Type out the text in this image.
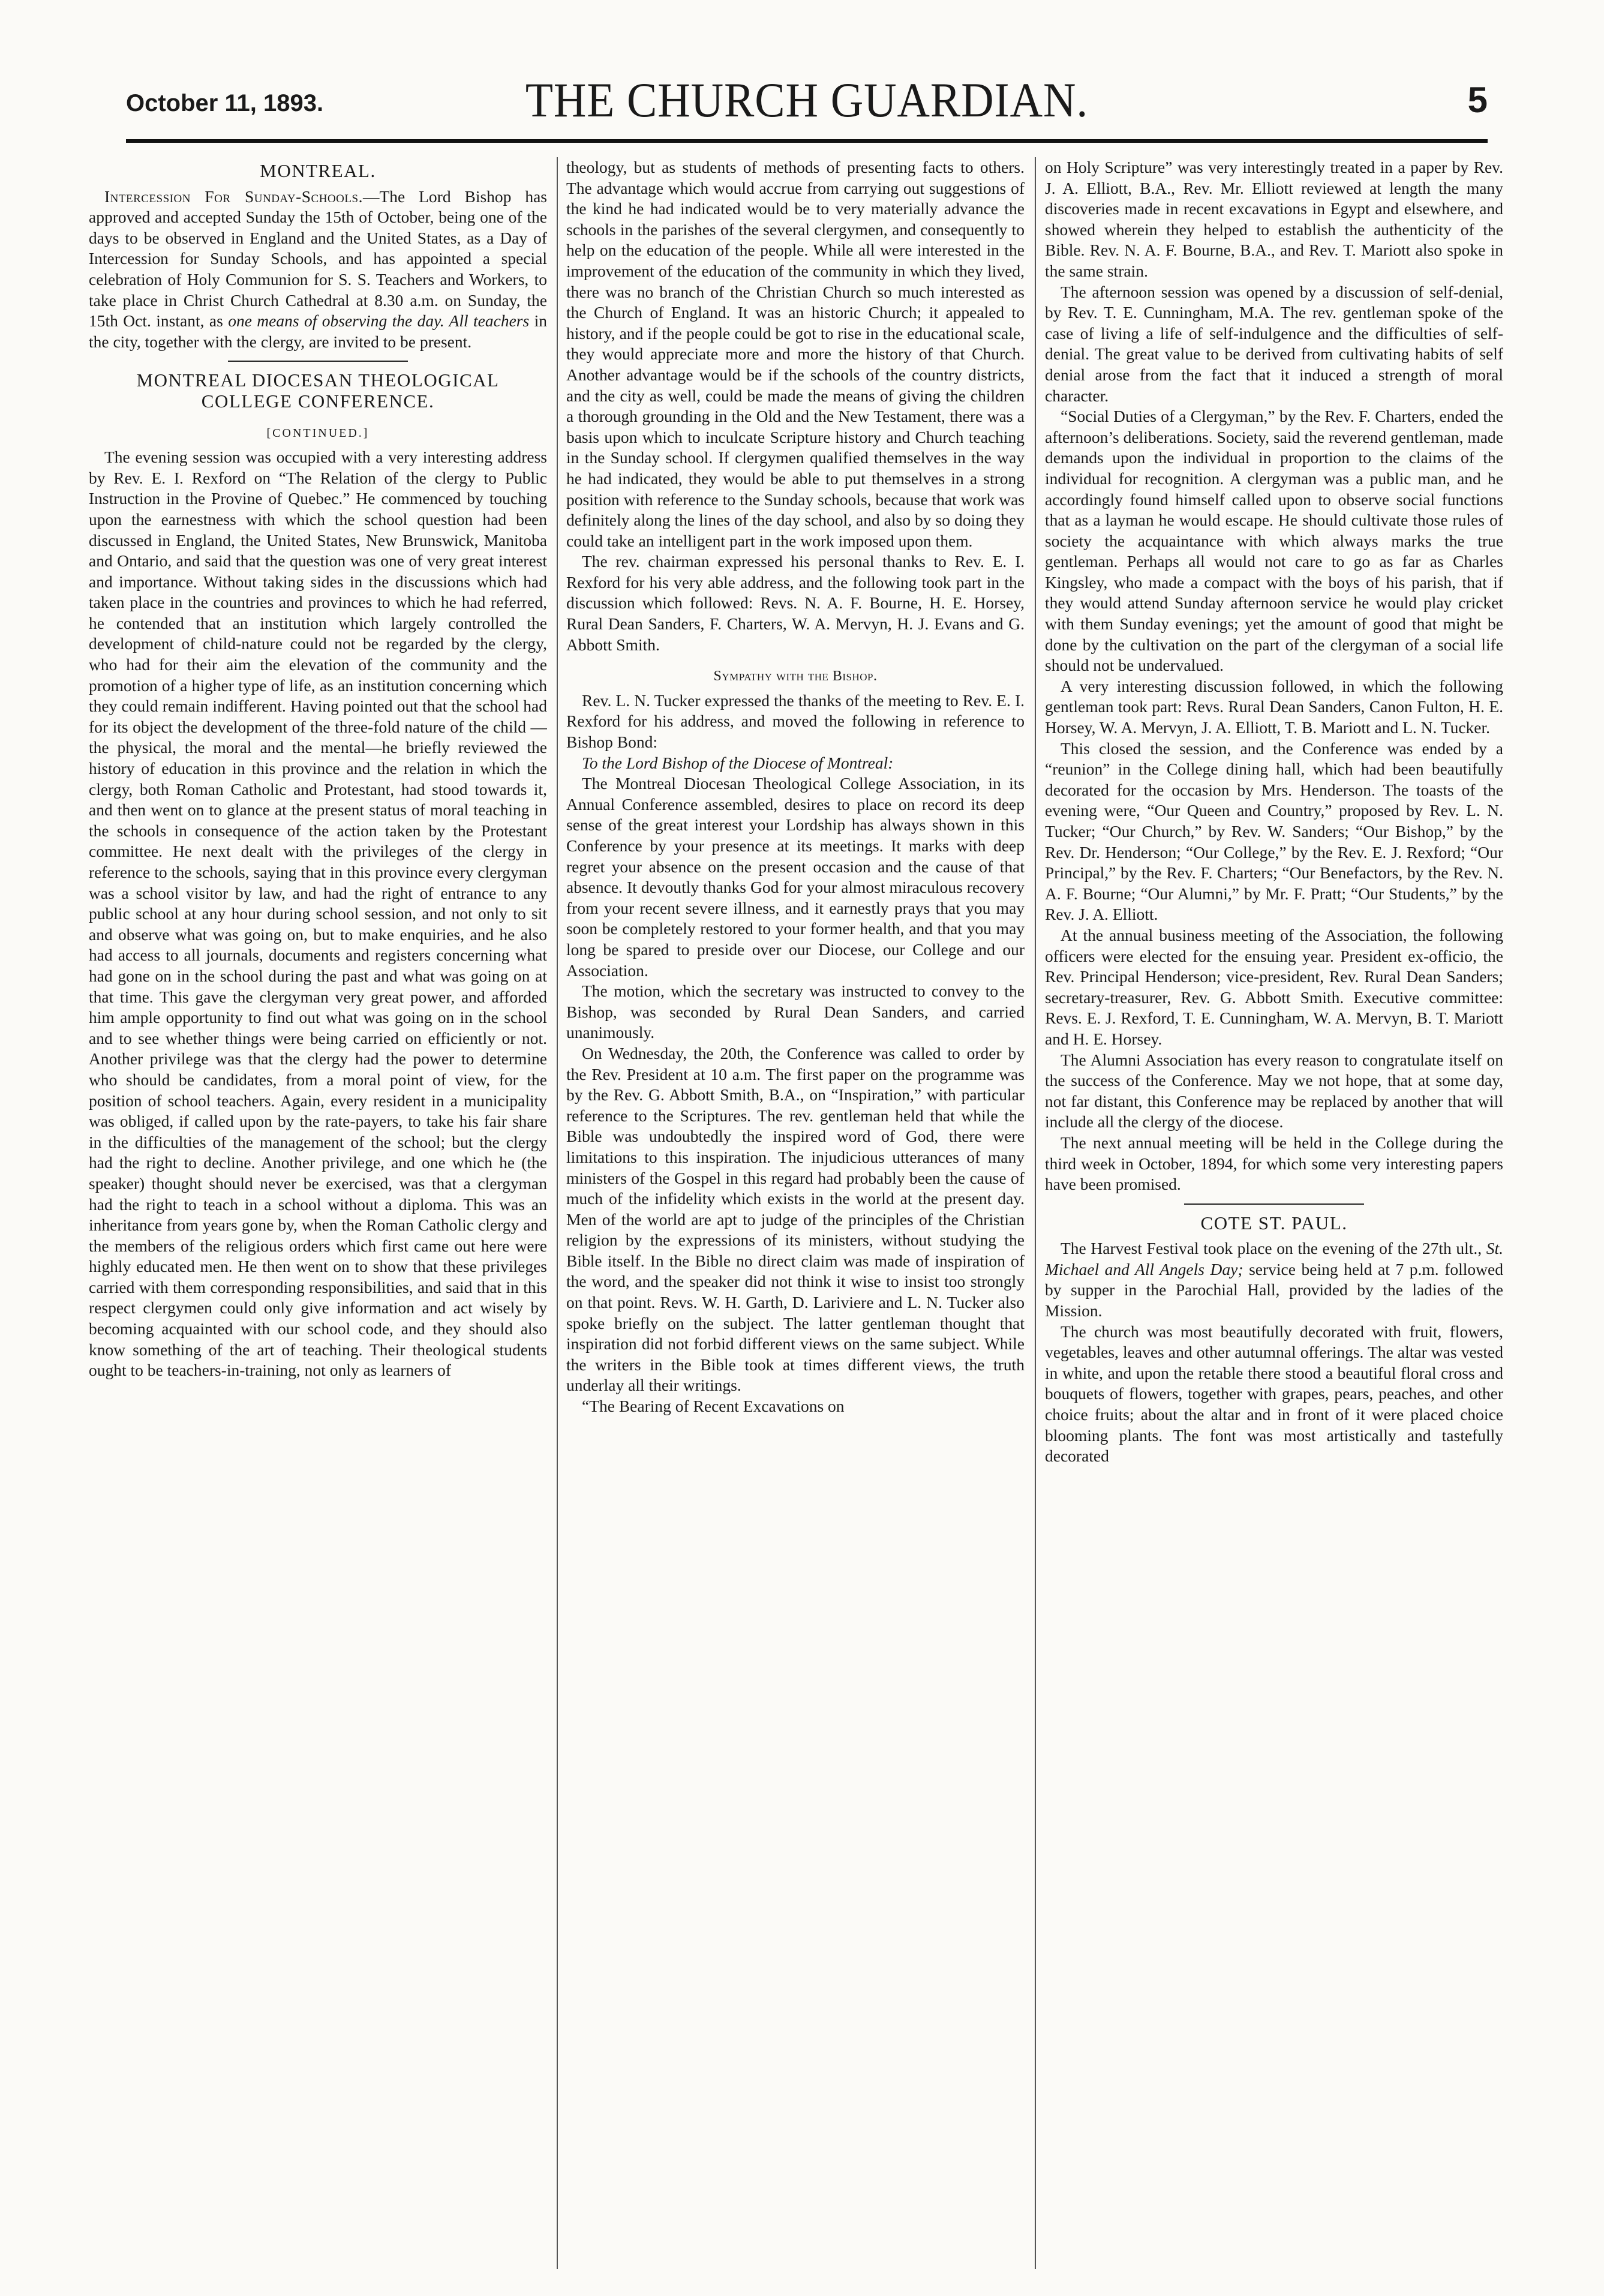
October 11, 1893.	THE CHURCH GUARDIAN.	5
MONTREAL.

Intercession For Sunday-Schools.—The Lord Bishop has approved and accepted Sunday the 15th of October, being one of the days to be observed in England and the United States, as a Day of Intercession for Sunday Schools, and has appointed a special celebration of Holy Communion for S. S. Teachers and Workers, to take place in Christ Church Cathedral at 8.30 a.m. on Sunday, the 15th Oct. instant, as one means of observing the day. All teachers in the city, together with the clergy, are invited to be present.

MONTREAL DIOCESAN THEOLOGICAL COLLEGE CONFERENCE.
[CONTINUED.]

The evening session was occupied with a very interesting address by Rev. E. I. Rexford on “The Relation of the clergy to Public Instruction in the Provine of Quebec.” He commenced by touching upon the earnestness with which the school question had been discussed in England, the United States, New Brunswick, Manitoba and Ontario, and said that the question was one of very great interest and importance. Without taking sides in the discussions which had taken place in the countries and provinces to which he had referred, he contended that an institution which largely controlled the development of child-nature could not be regarded by the clergy, who had for their aim the elevation of the community and the promotion of a higher type of life, as an institution concerning which they could remain indifferent. Having pointed out that the school had for its object the development of the three-fold nature of the child —the physical, the moral and the mental—he briefly reviewed the history of education in this province and the relation in which the clergy, both Roman Catholic and Protestant, had stood towards it, and then went on to glance at the present status of moral teaching in the schools in consequence of the action taken by the Protestant committee. He next dealt with the privileges of the clergy in reference to the schools, saying that in this province every clergyman was a school visitor by law, and had the right of entrance to any public school at any hour during school session, and not only to sit and observe what was going on, but to make enquiries, and he also had access to all journals, documents and registers concerning what had gone on in the school during the past and what was going on at that time. This gave the clergyman very great power, and afforded him ample opportunity to find out what was going on in the school and to see whether things were being carried on efficiently or not. Another privilege was that the clergy had the power to determine who should be candidates, from a moral point of view, for the position of school teachers. Again, every resident in a municipality was obliged, if called upon by the rate-payers, to take his fair share in the difficulties of the management of the school; but the clergy had the right to decline. Another privilege, and one which he (the speaker) thought should never be exercised, was that a clergyman had the right to teach in a school without a diploma. This was an inheritance from years gone by, when the Roman Catholic clergy and the members of the religious orders which first came out here were highly educated men. He then went on to show that these privileges carried with them corresponding responsibilities, and said that in this respect clergymen could only give information and act wisely by becoming acquainted with our school code, and they should also know something of the art of teaching. Their theological students ought to be teachers-in-training, not only as learners of

theology, but as students of methods of presenting facts to others. The advantage which would accrue from carrying out suggestions of the kind he had indicated would be to very materially advance the schools in the parishes of the several clergymen, and consequently to help on the education of the people. While all were interested in the improvement of the education of the community in which they lived, there was no branch of the Christian Church so much interested as the Church of England. It was an historic Church; it appealed to history, and if the people could be got to rise in the educational scale, they would appreciate more and more the history of that Church. Another advantage would be if the schools of the country districts, and the city as well, could be made the means of giving the children a thorough grounding in the Old and the New Testament, there was a basis upon which to inculcate Scripture history and Church teaching in the Sunday school. If clergymen qualified themselves in the way he had indicated, they would be able to put themselves in a strong position with reference to the Sunday schools, because that work was definitely along the lines of the day school, and also by so doing they could take an intelligent part in the work imposed upon them.

The rev. chairman expressed his personal thanks to Rev. E. I. Rexford for his very able address, and the following took part in the discussion which followed: Revs. N. A. F. Bourne, H. E. Horsey, Rural Dean Sanders, F. Charters, W. A. Mervyn, H. J. Evans and G. Abbott Smith.

Sympathy with the Bishop.

Rev. L. N. Tucker expressed the thanks of the meeting to Rev. E. I. Rexford for his address, and moved the following in reference to Bishop Bond:

To the Lord Bishop of the Diocese of Montreal:

The Montreal Diocesan Theological College Association, in its Annual Conference assembled, desires to place on record its deep sense of the great interest your Lordship has always shown in this Conference by your presence at its meetings. It marks with deep regret your absence on the present occasion and the cause of that absence. It devoutly thanks God for your almost miraculous recovery from your recent severe illness, and it earnestly prays that you may soon be completely restored to your former health, and that you may long be spared to preside over our Diocese, our College and our Association.

The motion, which the secretary was instructed to convey to the Bishop, was seconded by Rural Dean Sanders, and carried unanimously.

On Wednesday, the 20th, the Conference was called to order by the Rev. President at 10 a.m. The first paper on the programme was by the Rev. G. Abbott Smith, B.A., on “Inspiration,” with particular reference to the Scriptures. The rev. gentleman held that while the Bible was undoubtedly the inspired word of God, there were limitations to this inspiration. The injudicious utterances of many ministers of the Gospel in this regard had probably been the cause of much of the infidelity which exists in the world at the present day. Men of the world are apt to judge of the principles of the Christian religion by the expressions of its ministers, without studying the Bible itself. In the Bible no direct claim was made of inspiration of the word, and the speaker did not think it wise to insist too strongly on that point. Revs. W. H. Garth, D. Lariviere and L. N. Tucker also spoke briefly on the subject. The latter gentleman thought that inspiration did not forbid different views on the same subject. While the writers in the Bible took at times different views, the truth underlay all their writings.

“The Bearing of Recent Excavations on

on Holy Scripture” was very interestingly treated in a paper by Rev. J. A. Elliott, B.A., Rev. Mr. Elliott reviewed at length the many discoveries made in recent excavations in Egypt and elsewhere, and showed wherein they helped to establish the authenticity of the Bible. Rev. N. A. F. Bourne, B.A., and Rev. T. Mariott also spoke in the same strain.

The afternoon session was opened by a discussion of self-denial, by Rev. T. E. Cunningham, M.A. The rev. gentleman spoke of the case of living a life of self-indulgence and the difficulties of self-denial. The great value to be derived from cultivating habits of self denial arose from the fact that it induced a strength of moral character.

“Social Duties of a Clergyman,” by the Rev. F. Charters, ended the afternoon’s deliberations. Society, said the reverend gentleman, made demands upon the individual in proportion to the claims of the individual for recognition. A clergyman was a public man, and he accordingly found himself called upon to observe social functions that as a layman he would escape. He should cultivate those rules of society the acquaintance with which always marks the true gentleman. Perhaps all would not care to go as far as Charles Kingsley, who made a compact with the boys of his parish, that if they would attend Sunday afternoon service he would play cricket with them Sunday evenings; yet the amount of good that might be done by the cultivation on the part of the clergyman of a social life should not be undervalued.

A very interesting discussion followed, in which the following gentleman took part: Revs. Rural Dean Sanders, Canon Fulton, H. E. Horsey, W. A. Mervyn, J. A. Elliott, T. B. Mariott and L. N. Tucker.

This closed the session, and the Conference was ended by a “reunion” in the College dining hall, which had been beautifully decorated for the occasion by Mrs. Henderson. The toasts of the evening were, “Our Queen and Country,” proposed by Rev. L. N. Tucker; “Our Church,” by Rev. W. Sanders; “Our Bishop,” by the Rev. Dr. Henderson; “Our College,” by the Rev. E. J. Rexford; “Our Principal,” by the Rev. F. Charters; “Our Benefactors, by the Rev. N. A. F. Bourne; “Our Alumni,” by Mr. F. Pratt; “Our Students,” by the Rev. J. A. Elliott.

At the annual business meeting of the Association, the following officers were elected for the ensuing year. President ex-officio, the Rev. Principal Henderson; vice-president, Rev. Rural Dean Sanders; secretary-treasurer, Rev. G. Abbott Smith. Executive committee: Revs. E. J. Rexford, T. E. Cunningham, W. A. Mervyn, B. T. Mariott and H. E. Horsey.

The Alumni Association has every reason to congratulate itself on the success of the Conference. May we not hope, that at some day, not far distant, this Conference may be replaced by another that will include all the clergy of the diocese.

The next annual meeting will be held in the College during the third week in October, 1894, for which some very interesting papers have been promised.

COTE ST. PAUL.

The Harvest Festival took place on the evening of the 27th ult., St. Michael and All Angels Day; service being held at 7 p.m. followed by supper in the Parochial Hall, provided by the ladies of the Mission.

The church was most beautifully decorated with fruit, flowers, vegetables, leaves and other autumnal offerings. The altar was vested in white, and upon the retable there stood a beautiful floral cross and bouquets of flowers, together with grapes, pears, peaches, and other choice fruits; about the altar and in front of it were placed choice blooming plants. The font was most artistically and tastefully decorated
